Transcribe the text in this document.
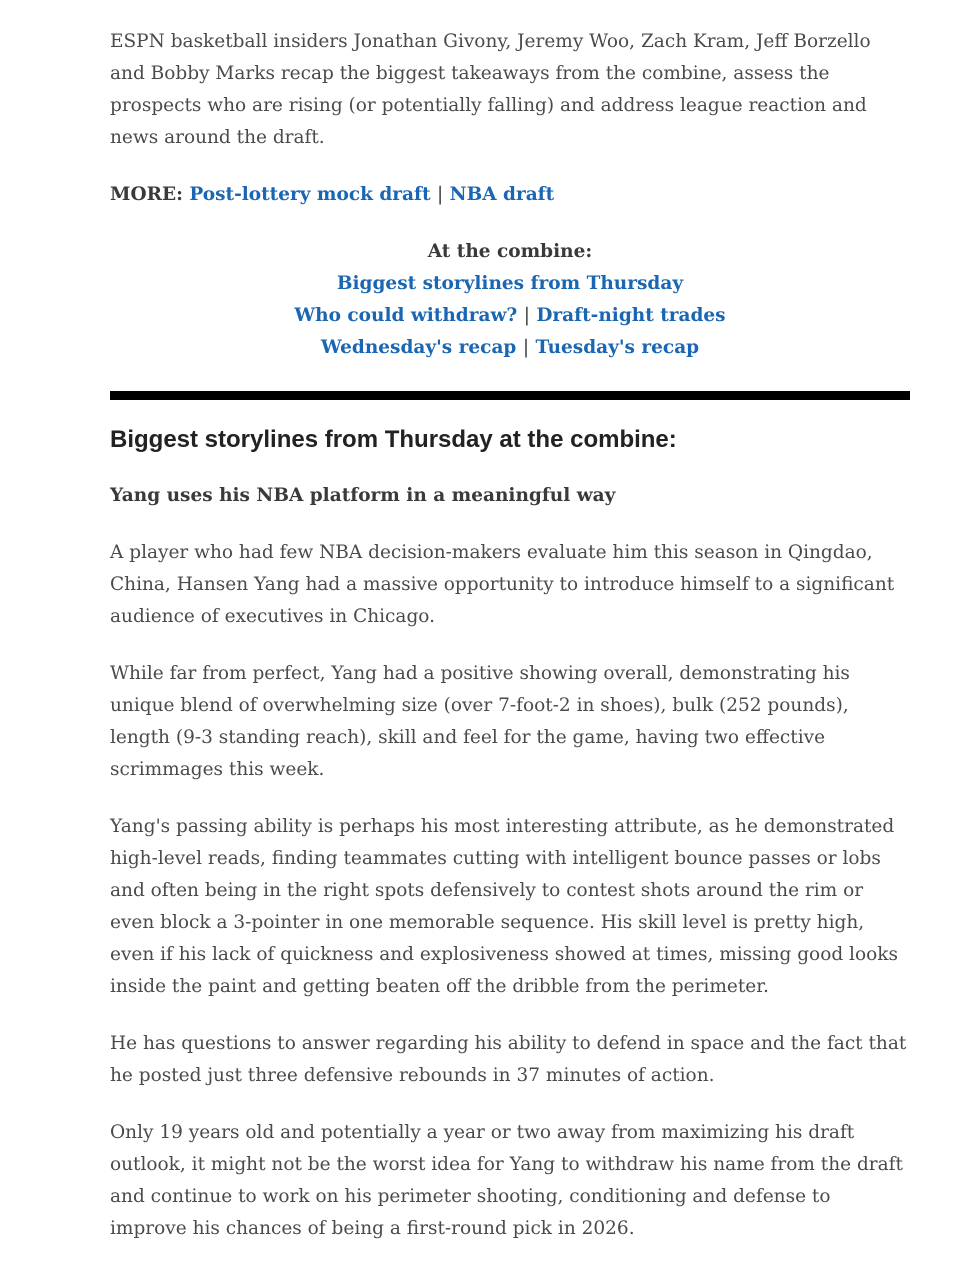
ESPN basketball insiders Jonathan Givony, Jeremy Woo, Zach Kram, Jeff Borzello and Bobby Marks recap the biggest takeaways from the combine, assess the prospects who are rising (or potentially falling) and address league reaction and news around the draft.

MORE: Post-lottery mock draft | NBA draft

At the combine:
Biggest storylines from Thursday
Who could withdraw? | Draft-night trades
Wednesday's recap | Tuesday's recap
Biggest storylines from Thursday at the combine:
Yang uses his NBA platform in a meaningful way

A player who had few NBA decision-makers evaluate him this season in Qingdao, China, Hansen Yang had a massive opportunity to introduce himself to a significant audience of executives in Chicago.

While far from perfect, Yang had a positive showing overall, demonstrating his unique blend of overwhelming size (over 7-foot-2 in shoes), bulk (252 pounds), length (9-3 standing reach), skill and feel for the game, having two effective scrimmages this week.

Yang's passing ability is perhaps his most interesting attribute, as he demonstrated high-level reads, finding teammates cutting with intelligent bounce passes or lobs and often being in the right spots defensively to contest shots around the rim or even block a 3-pointer in one memorable sequence. His skill level is pretty high, even if his lack of quickness and explosiveness showed at times, missing good looks inside the paint and getting beaten off the dribble from the perimeter.

He has questions to answer regarding his ability to defend in space and the fact that he posted just three defensive rebounds in 37 minutes of action.

Only 19 years old and potentially a year or two away from maximizing his draft outlook, it might not be the worst idea for Yang to withdraw his name from the draft and continue to work on his perimeter shooting, conditioning and defense to improve his chances of being a first-round pick in 2026.
